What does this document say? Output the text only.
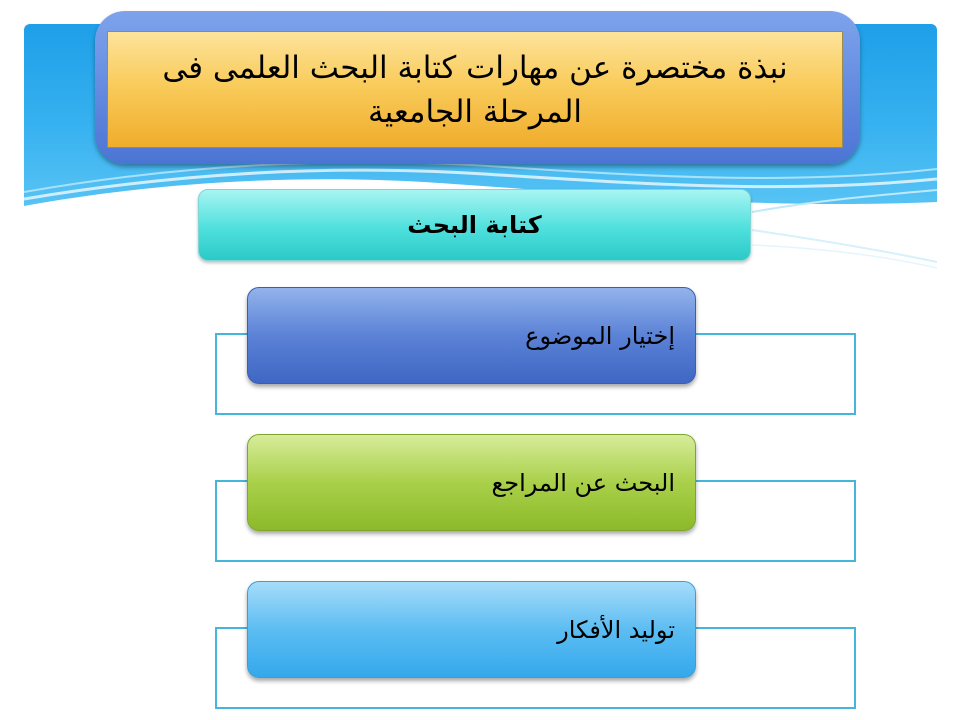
نبذة مختصرة عن مهارات كتابة البحث العلمى فى المرحلة الجامعية
كتابة البحث
إختيار الموضوع
البحث عن المراجع
توليد الأفكار
